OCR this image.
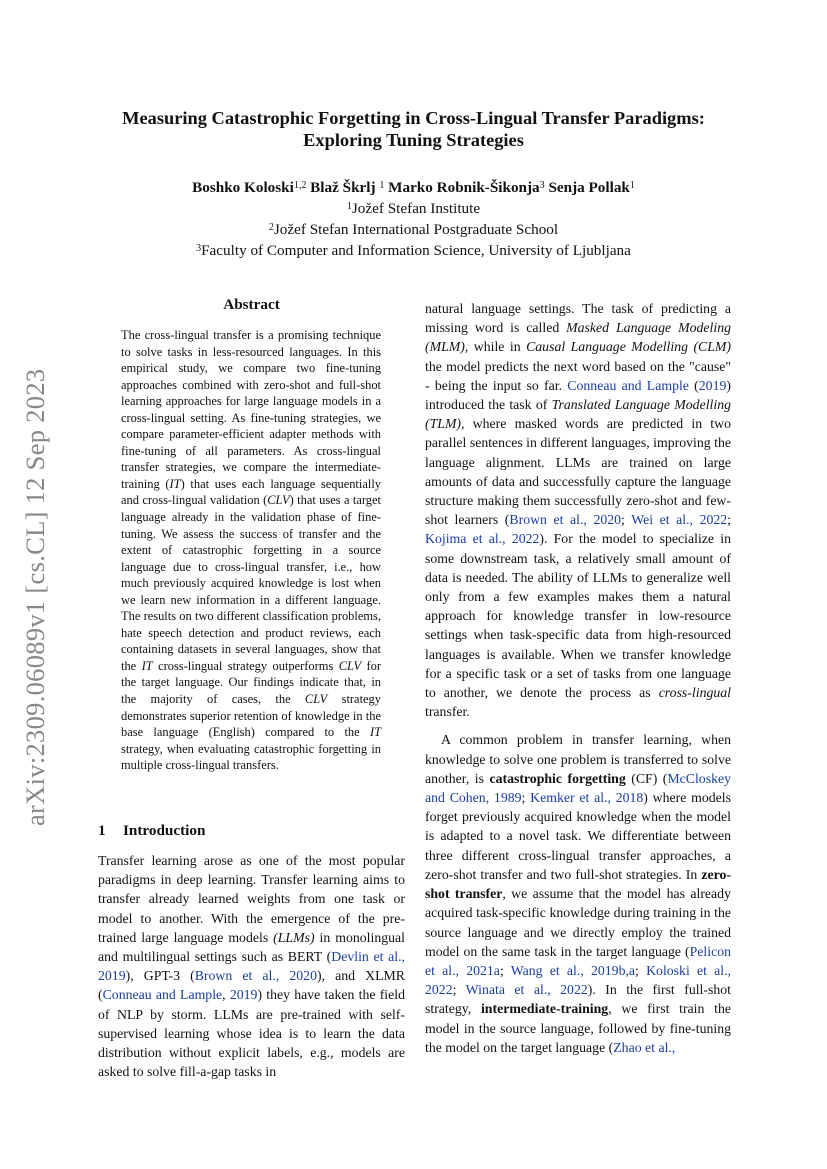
arXiv:2309.06089v1 [cs.CL] 12 Sep 2023
Measuring Catastrophic Forgetting in Cross-Lingual Transfer Paradigms:
Exploring Tuning Strategies
Boshko Koloski$^{1,2}$ Blaž Škrlj $^1$ Marko Robnik-Šikonja$^3$ Senja Pollak$^1$
$^1$Jožef Stefan Institute
$^2$Jožef Stefan International Postgraduate School
$^3$Faculty of Computer and Information Science, University of Ljubljana
Abstract
The cross-lingual transfer is a promising technique to solve tasks in less-resourced languages. In this empirical study, we compare two fine-tuning approaches combined with zero-shot and full-shot learning approaches for large language models in a cross-lingual setting. As fine-tuning strategies, we compare parameter-efficient adapter methods with fine-tuning of all parameters. As cross-lingual transfer strategies, we compare the intermediate-training (IT) that uses each language sequentially and cross-lingual validation (CLV) that uses a target language already in the validation phase of fine-tuning. We assess the success of transfer and the extent of catastrophic forgetting in a source language due to cross-lingual transfer, i.e., how much previously acquired knowledge is lost when we learn new information in a different language. The results on two different classification problems, hate speech detection and product reviews, each containing datasets in several languages, show that the IT cross-lingual strategy outperforms CLV for the target language. Our findings indicate that, in the majority of cases, the CLV strategy demonstrates superior retention of knowledge in the base language (English) compared to the IT strategy, when evaluating catastrophic forgetting in multiple cross-lingual transfers.
1 Introduction

Transfer learning arose as one of the most popular paradigms in deep learning. Transfer learning aims to transfer already learned weights from one task or model to another. With the emergence of the pre-trained large language models (LLMs) in monolingual and multilingual settings such as BERT (Devlin et al., 2019), GPT-3 (Brown et al., 2020), and XLMR (Conneau and Lample, 2019) they have taken the field of NLP by storm. LLMs are pre-trained with self-supervised learning whose idea is to learn the data distribution without explicit labels, e.g., models are asked to solve fill-a-gap tasks in

natural language settings. The task of predicting a missing word is called Masked Language Modeling (MLM), while in Causal Language Modelling (CLM) the model predicts the next word based on the "cause" - being the input so far. Conneau and Lample (2019) introduced the task of Translated Language Modelling (TLM), where masked words are predicted in two parallel sentences in different languages, improving the language alignment. LLMs are trained on large amounts of data and successfully capture the language structure making them successfully zero-shot and few-shot learners (Brown et al., 2020; Wei et al., 2022; Kojima et al., 2022). For the model to specialize in some downstream task, a relatively small amount of data is needed. The ability of LLMs to generalize well only from a few examples makes them a natural approach for knowledge transfer in low-resource settings when task-specific data from high-resourced languages is available. When we transfer knowledge for a specific task or a set of tasks from one language to another, we denote the process as cross-lingual transfer.

A common problem in transfer learning, when knowledge to solve one problem is transferred to solve another, is catastrophic forgetting (CF) (McCloskey and Cohen, 1989; Kemker et al., 2018) where models forget previously acquired knowledge when the model is adapted to a novel task. We differentiate between three different cross-lingual transfer approaches, a zero-shot transfer and two full-shot strategies. In zero-shot transfer, we assume that the model has already acquired task-specific knowledge during training in the source language and we directly employ the trained model on the same task in the target language (Pelicon et al., 2021a; Wang et al., 2019b,a; Koloski et al., 2022; Winata et al., 2022). In the first full-shot strategy, intermediate-training, we first train the model in the source language, followed by fine-tuning the model on the target language (Zhao et al.,
